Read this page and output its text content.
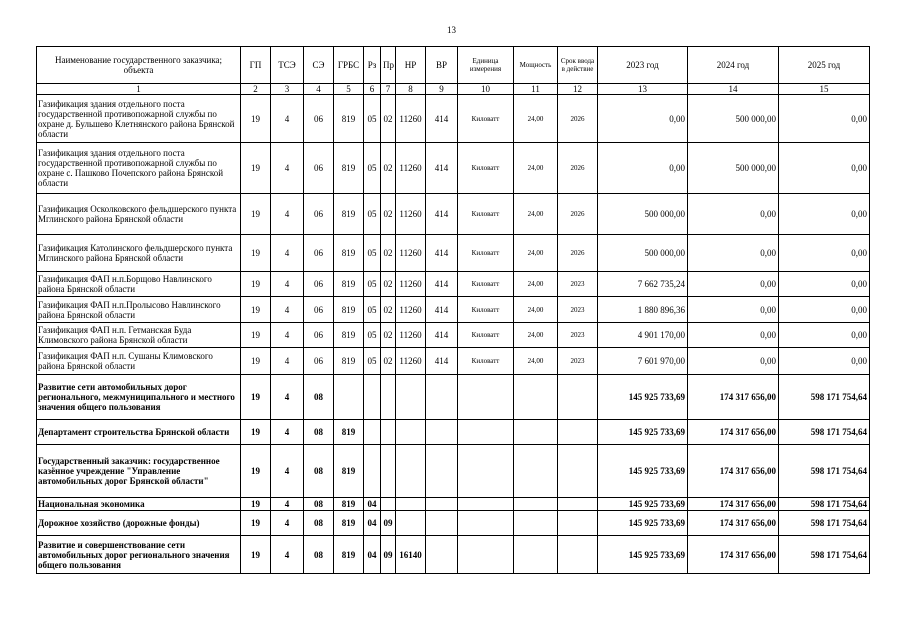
13
Наименование государственного заказчика; объекта	ГП	ТСЭ	СЭ	ГРБС	Рз	Пр	НР	ВР	Единица измерения	Мощность	Срок ввода в действие	2023 год	2024 год	2025 год
1	2	3	4	5	6	7	8	9	10	11	12	13	14	15
Газификация здания отдельного поста государственной противопожарной службы по охране д. Бульшево Клетнянского района Брянской области	19	4	06	819	05	02	11260	414	Киловатт	24,00	2026	0,00	500 000,00	0,00
Газификация здания отдельного поста государственной противопожарной службы по охране с. Пашково Почепского района Брянской области	19	4	06	819	05	02	11260	414	Киловатт	24,00	2026	0,00	500 000,00	0,00
Газификация Осколковского фельдшерского пункта Мглинского района Брянской области	19	4	06	819	05	02	11260	414	Киловатт	24,00	2026	500 000,00	0,00	0,00
Газификация Католинского фельдшерского пункта Мглинского района Брянской области	19	4	06	819	05	02	11260	414	Киловатт	24,00	2026	500 000,00	0,00	0,00
Газификация ФАП н.п.Борщово Навлинского района Брянской области	19	4	06	819	05	02	11260	414	Киловатт	24,00	2023	7 662 735,24	0,00	0,00
Газификация ФАП н.п.Пролысово Навлинского района Брянской области	19	4	06	819	05	02	11260	414	Киловатт	24,00	2023	1 880 896,36	0,00	0,00
Газификация ФАП н.п. Гетманская Буда Климовского района Брянской области	19	4	06	819	05	02	11260	414	Киловатт	24,00	2023	4 901 170,00	0,00	0,00
Газификация ФАП н.п. Сушаны Климовского района Брянской области	19	4	06	819	05	02	11260	414	Киловатт	24,00	2023	7 601 970,00	0,00	0,00
Развитие сети автомобильных дорог регионального, межмуниципального и местного значения общего пользования	19	4	08									145 925 733,69	174 317 656,00	598 171 754,64
Департамент строительства Брянской области	19	4	08	819								145 925 733,69	174 317 656,00	598 171 754,64
Государственный заказчик: государственное казённое учреждение "Управление автомобильных дорог Брянской области"	19	4	08	819								145 925 733,69	174 317 656,00	598 171 754,64
Национальная экономика	19	4	08	819	04							145 925 733,69	174 317 656,00	598 171 754,64
Дорожное хозяйство (дорожные фонды)	19	4	08	819	04	09						145 925 733,69	174 317 656,00	598 171 754,64
Развитие и совершенствование сети автомобильных дорог регионального значения общего пользования	19	4	08	819	04	09	16140					145 925 733,69	174 317 656,00	598 171 754,64
